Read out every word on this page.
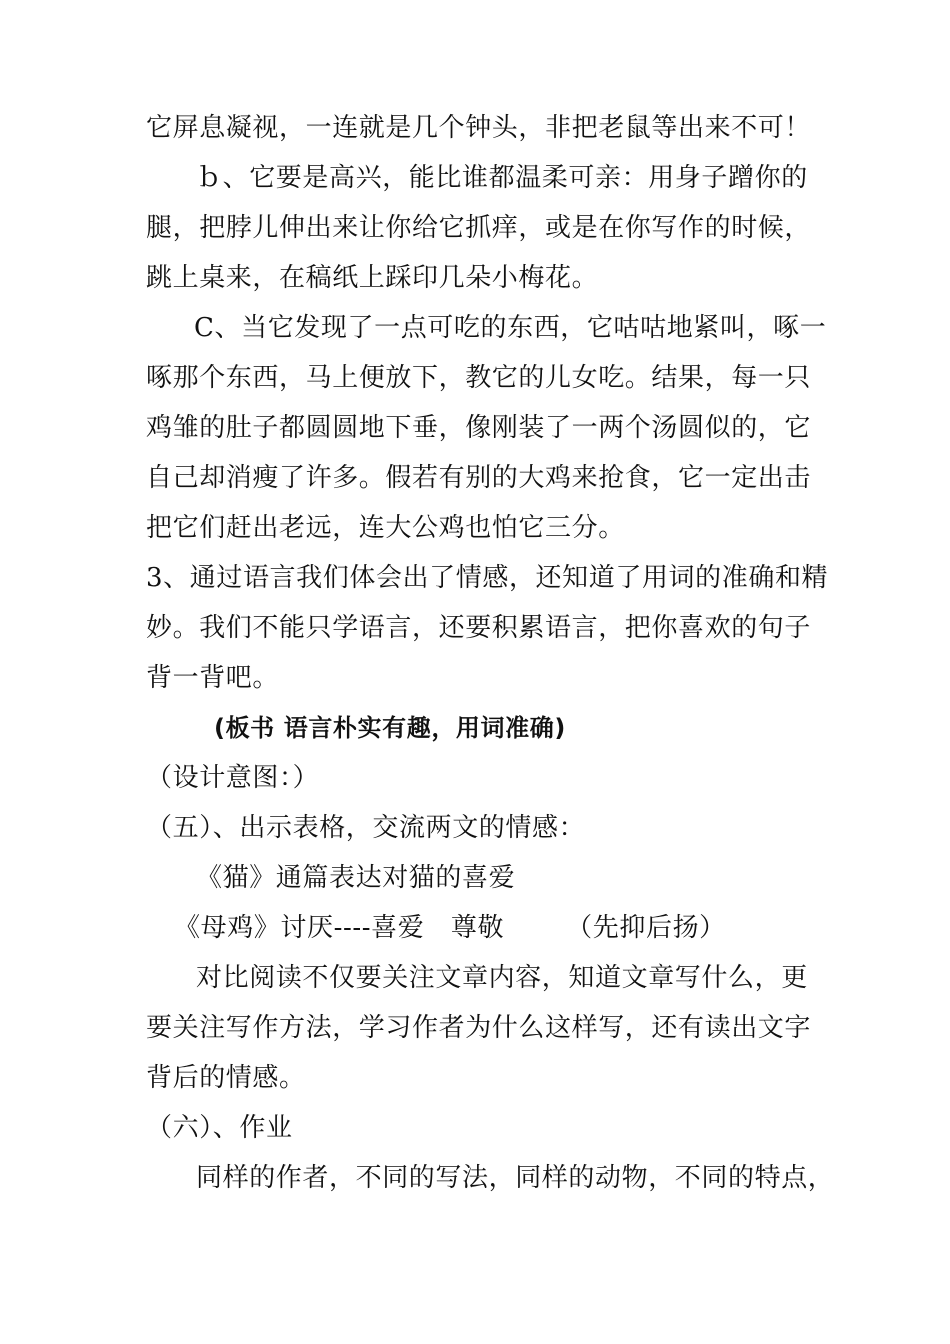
它屏息凝视，一连就是几个钟头，非把老鼠等出来不可！
ｂ、它要是高兴，能比谁都温柔可亲：用身子蹭你的
腿，把脖儿伸出来让你给它抓痒，或是在你写作的时候，
跳上桌来，在稿纸上踩印几朵小梅花。
C、当它发现了一点可吃的东西，它咕咕地紧叫，啄一
啄那个东西，马上便放下，教它的儿女吃。结果，每一只
鸡雏的肚子都圆圆地下垂，像刚装了一两个汤圆似的，它
自己却消瘦了许多。假若有别的大鸡来抢食，它一定出击
把它们赶出老远，连大公鸡也怕它三分。
3、通过语言我们体会出了情感，还知道了用词的准确和精
妙。我们不能只学语言，还要积累语言，把你喜欢的句子
背一背吧。
(板书 语言朴实有趣，用词准确)
（设计意图：）
（五）、出示表格，交流两文的情感：
《猫》通篇表达对猫的喜爱
《母鸡》讨厌----喜爱   尊敬       （先抑后扬）
对比阅读不仅要关注文章内容，知道文章写什么，更
要关注写作方法，学习作者为什么这样写，还有读出文字
背后的情感。
（六）、作业
同样的作者，不同的写法，同样的动物，不同的特点，
